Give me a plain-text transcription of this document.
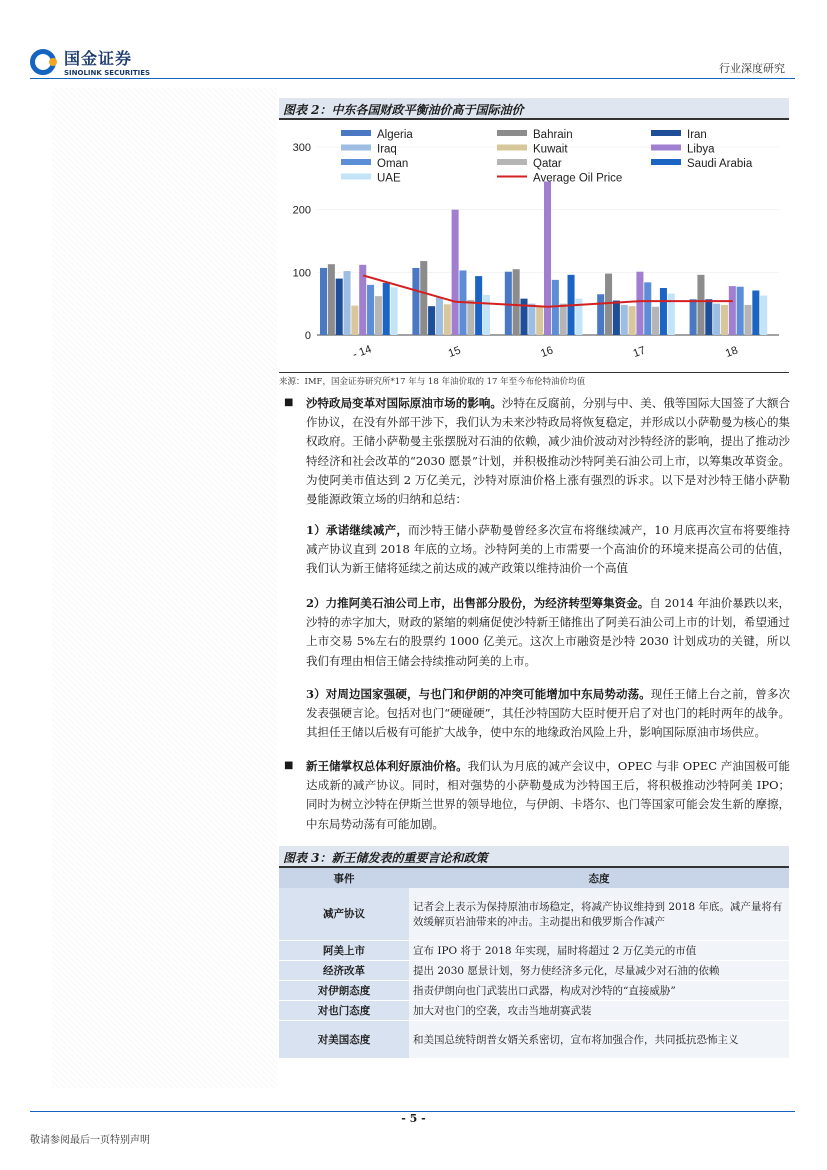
国金证券
SINOLINK SECURITIES	行业深度研究
图表 2：中东各国财政平衡油价高于国际油价
0
100
200
300
- 14	15	16	17	18
Algeria	Bahrain	Iran
Iraq	Kuwait	Libya
Oman	Qatar	Saudi Arabia
UAE	Average Oil Price
来源：IMF，国金证券研究所*17 年与 18 年油价取的 17 年至今布伦特油价均值
■ 沙特政局变革对国际原油市场的影响。沙特在反腐前，分别与中、美、俄等国际大国签了大额合作协议，在没有外部干涉下，我们认为未来沙特政局将恢复稳定，并形成以小萨勒曼为核心的集权政府。王储小萨勒曼主张摆脱对石油的依赖，减少油价波动对沙特经济的影响，提出了推动沙特经济和社会改革的“2030 愿景”计划，并积极推动沙特阿美石油公司上市，以筹集改革资金。为使阿美市值达到 2 万亿美元，沙特对原油价格上涨有强烈的诉求。以下是对沙特王储小萨勒曼能源政策立场的归纳和总结：
1）承诺继续减产，而沙特王储小萨勒曼曾经多次宣布将继续减产，10 月底再次宣布将要维持减产协议直到 2018 年底的立场。沙特阿美的上市需要一个高油价的环境来提高公司的估值，我们认为新王储将延续之前达成的减产政策以维持油价一个高值
2）力推阿美石油公司上市，出售部分股份，为经济转型筹集资金。自 2014 年油价暴跌以来，沙特的赤字加大，财政的紧缩的刺痛促使沙特新王储推出了阿美石油公司上市的计划，希望通过上市交易 5%左右的股票约 1000 亿美元。这次上市融资是沙特 2030 计划成功的关键，所以我们有理由相信王储会持续推动阿美的上市。
3）对周边国家强硬，与也门和伊朗的冲突可能增加中东局势动荡。现任王储上台之前，曾多次发表强硬言论。包括对也门“硬碰硬”，其任沙特国防大臣时便开启了对也门的耗时两年的战争。其担任王储以后极有可能扩大战争，使中东的地缘政治风险上升，影响国际原油市场供应。
■ 新王储掌权总体利好原油价格。我们认为月底的减产会议中，OPEC 与非 OPEC 产油国极可能达成新的减产协议。同时，相对强势的小萨勒曼成为沙特国王后，将积极推动沙特阿美 IPO；同时为树立沙特在伊斯兰世界的领导地位，与伊朗、卡塔尔、也门等国家可能会发生新的摩擦，中东局势动荡有可能加剧。
图表 3：新王储发表的重要言论和政策
事件	态度
减产协议	记者会上表示为保持原油市场稳定，将减产协议维持到 2018 年底。减产量将有效缓解页岩油带来的冲击。主动提出和俄罗斯合作减产
阿美上市	宣布 IPO 将于 2018 年实现，届时将超过 2 万亿美元的市值
经济改革	提出 2030 愿景计划，努力使经济多元化，尽量减少对石油的依赖
对伊朗态度	指责伊朗向也门武装出口武器，构成对沙特的“直接威胁”
对也门态度	加大对也门的空袭，攻击当地胡赛武装
对美国态度	和美国总统特朗普女婿关系密切，宣布将加强合作，共同抵抗恐怖主义
- 5 -
敬请参阅最后一页特别声明
